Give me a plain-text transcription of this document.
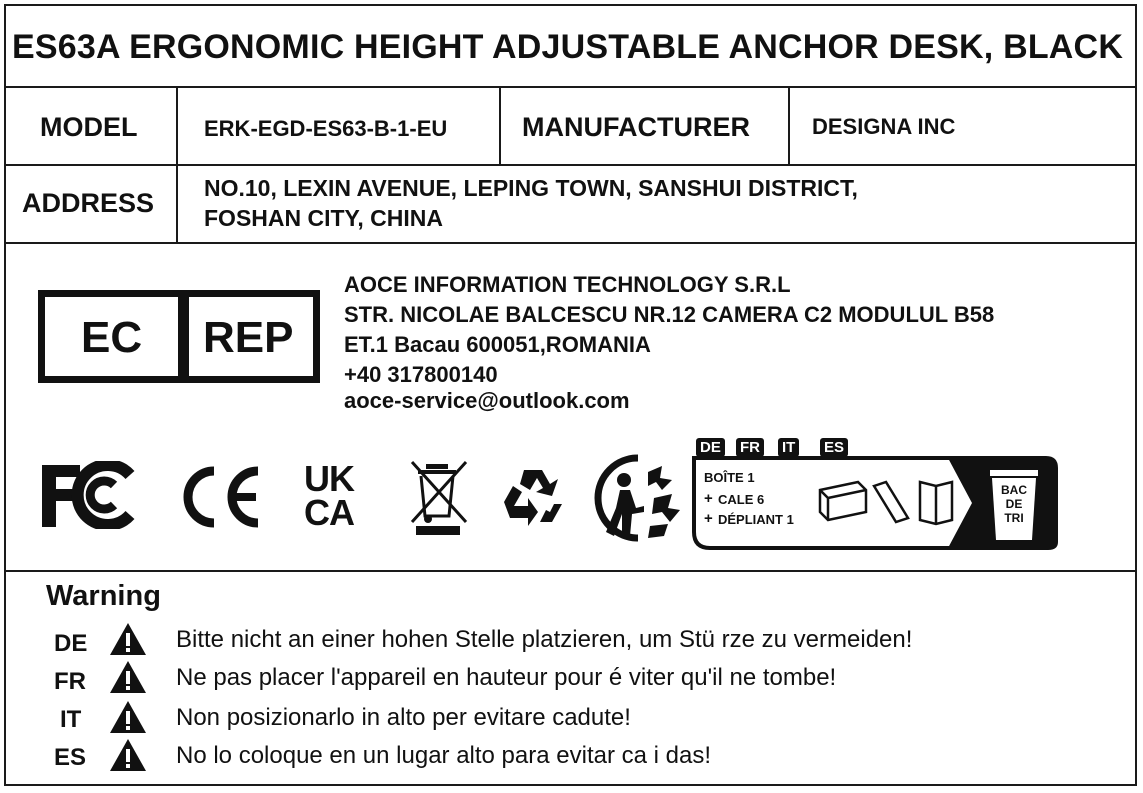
ES63A ERGONOMIC HEIGHT ADJUSTABLE ANCHOR DESK, BLACK
MODEL	ERK-EGD-ES63-B-1-EU	MANUFACTURER	DESIGNA INC
ADDRESS NO.10, LEXIN AVENUE, LEPING TOWN, SANSHUI DISTRICT,
FOSHAN CITY, CHINA
EC REP
AOCE INFORMATION TECHNOLOGY S.R.L
STR. NICOLAE BALCESCU NR.12 CAMERA C2 MODULUL B58
ET.1 Bacau 600051,ROMANIA
+40 317800140
aoce-service@outlook.com
UK
CA
DE FR IT ES
BOÎTE 1
+ CALE 6
+ DÉPLIANT 1
BAC
DE
TRI
Warning
DE	Bitte nicht an einer hohen Stelle platzieren, um Stü rze zu vermeiden!
FR	Ne pas placer l'appareil en hauteur pour é viter qu'il ne tombe!
IT	Non posizionarlo in alto per evitare cadute!
ES	No lo coloque en un lugar alto para evitar ca i das!
